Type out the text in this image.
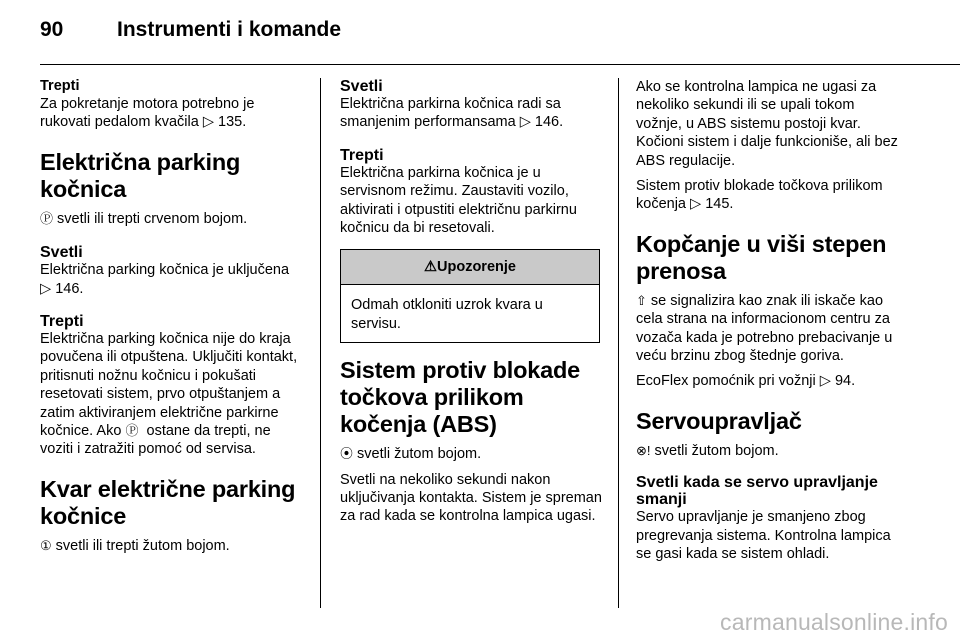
90	Instrumenti i komande
Trepti

Za pokretanje motora potrebno je rukovati pedalom kvačila ▷ 135.

Električna parking kočnica

Ⓟ svetli ili trepti crvenom bojom.

Svetli

Električna parking kočnica je uključena ▷ 146.

Trepti

Električna parking kočnica nije do kraja povučena ili otpuštena. Uključiti kontakt, pritisnuti nožnu kočnicu i pokušati resetovati sistem, prvo otpuštanjem a zatim aktiviranjem električne parkirne kočnice. Ako Ⓟ ostane da trepti, ne voziti i zatražiti pomoć od servisa.

Kvar električne parking kočnice

① svetli ili trepti žutom bojom.

Svetli

Električna parkirna kočnica radi sa smanjenim performansama ▷ 146.

Trepti

Električna parkirna kočnica je u servisnom režimu. Zaustaviti vozilo, aktivirati i otpustiti električnu parkirnu kočnicu da bi resetovali.

⚠ Upozorenje

Odmah otkloniti uzrok kvara u servisu.

Sistem protiv blokade točkova prilikom kočenja (ABS)

⦿ svetli žutom bojom.

Svetli na nekoliko sekundi nakon uključivanja kontakta. Sistem je spreman za rad kada se kontrolna lampica ugasi.

Ako se kontrolna lampica ne ugasi za nekoliko sekundi ili se upali tokom vožnje, u ABS sistemu postoji kvar. Kočioni sistem i dalje funkcioniše, ali bez ABS regulacije.

Sistem protiv blokade točkova prilikom kočenja ▷ 145.

Kopčanje u viši stepen prenosa

⇧ se signalizira kao znak ili iskače kao cela strana na informacionom centru za vozača kada je potrebno prebacivanje u veću brzinu zbog štednje goriva.

EcoFlex pomoćnik pri vožnji ▷ 94.

Servoupravljač

⊗! svetli žutom bojom.

Svetli kada se servo upravljanje smanji

Servo upravljanje je smanjeno zbog pregrevanja sistema. Kontrolna lampica se gasi kada se sistem ohladi.

carmanualsonline.info
